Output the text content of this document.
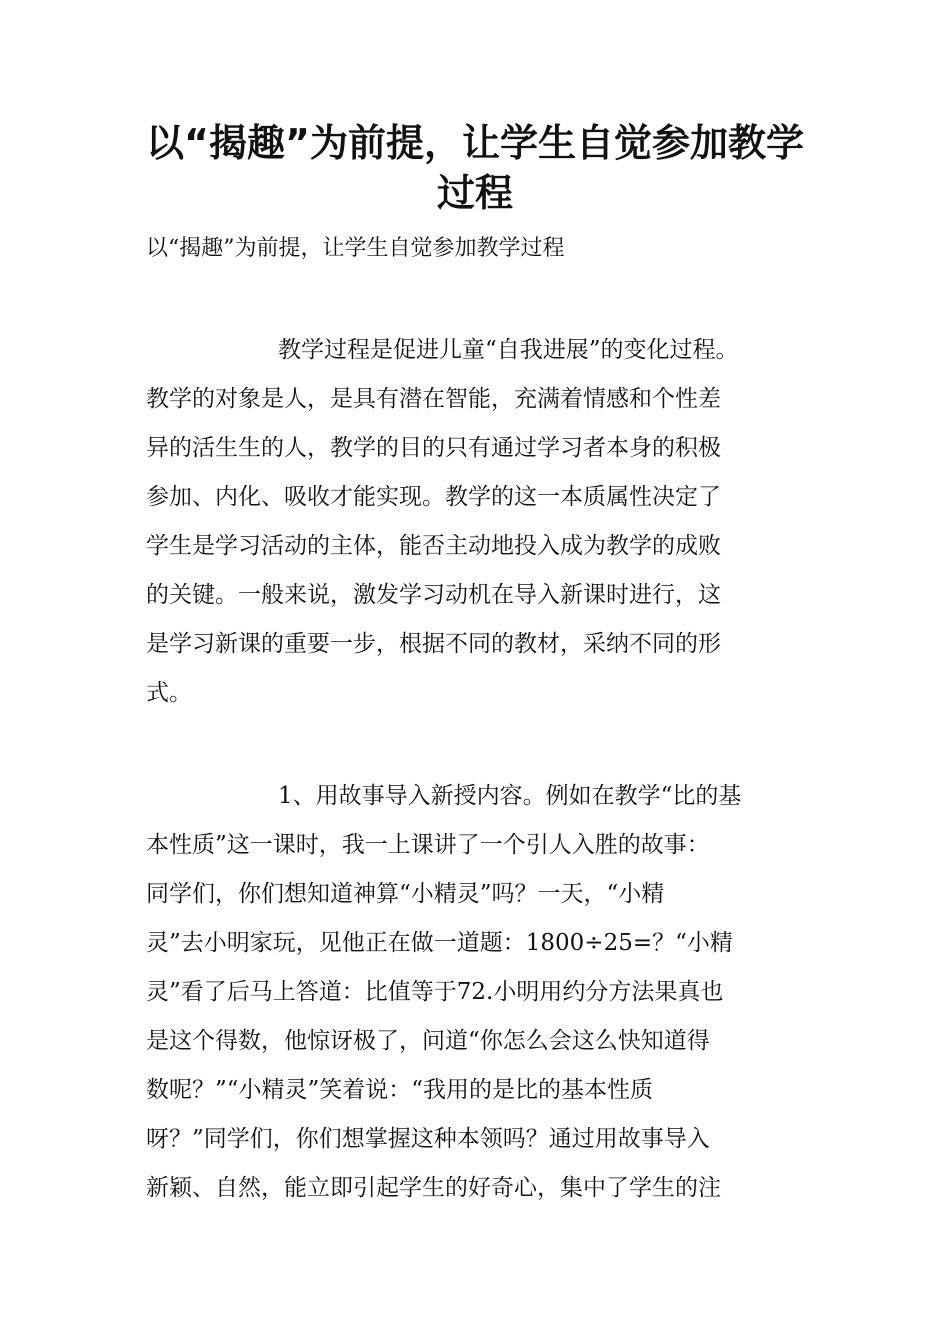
以“揭趣”为前提，让学生自觉参加教学过程

以“揭趣”为前提，让学生自觉参加教学过程

教学过程是促进儿童“自我进展”的变化过程。

教学的对象是人，是具有潜在智能，充满着情感和个性差

异的活生生的人，教学的目的只有通过学习者本身的积极

参加、内化、吸收才能实现。教学的这一本质属性决定了

学生是学习活动的主体，能否主动地投入成为教学的成败

的关键。一般来说，激发学习动机在导入新课时进行，这

是学习新课的重要一步，根据不同的教材，采纳不同的形

式。

1、用故事导入新授内容。例如在教学“比的基

本性质”这一课时，我一上课讲了一个引人入胜的故事：

同学们，你们想知道神算“小精灵”吗？一天，“小精

灵”去小明家玩，见他正在做一道题：1800÷25=？“小精

灵”看了后马上答道：比值等于72.小明用约分方法果真也

是这个得数，他惊讶极了，问道“你怎么会这么快知道得

数呢？”“小精灵”笑着说：“我用的是比的基本性质

呀？”同学们，你们想掌握这种本领吗？通过用故事导入

新颖、自然，能立即引起学生的好奇心，集中了学生的注
